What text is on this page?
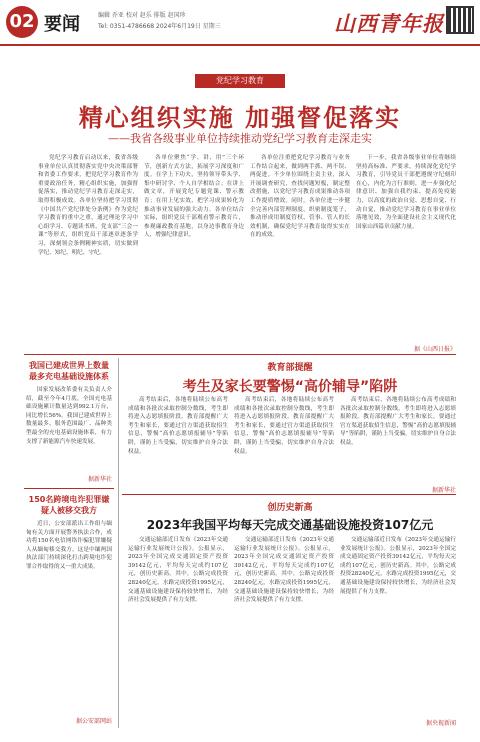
02 要闻	编辑 乔亚 校对 赵乐 排版 赵国珍
Tel: 0351-4786668 2024年6月19日 星期三	山西青年报
党纪学习教育
精心组织实施 加强督促落实
——我省各级事业单位持续推动党纪学习教育走深走实
党纪学习教育启动以来，我省各级事业单位认真贯彻落实党中央决策部署和省委工作要求，把党纪学习教育作为重要政治任务，精心组织实施，加强督促落实，推动党纪学习教育走深走实，取得积极成效。各单位坚持把学习贯彻《中国共产党纪律处分条例》作为党纪学习教育的重中之重，通过理论学习中心组学习、专题读书班、党支部“三会一课”等形式，组织党员干部逐章逐条学习，深刻领会条例精神实质，切实做到学纪、知纪、明纪、守纪。
各单位聚焦“学、讲、用”三个环节，创新方式方法，拓展学习深度和广度。在学上下功夫，坚持领导带头学、集中研讨学、个人自学相结合；在讲上做文章，开展党纪专题党课、警示教育；在用上见实效，把学习成果转化为推动事业发展的强大动力。各单位结合实际，组织党员干部观看警示教育片，参观廉政教育基地，以身边事教育身边人，增强纪律意识。
各单位注重把党纪学习教育与业务工作结合起来，做到两手抓、两不误、两促进。不少单位围绕主责主业，深入开展调查研究，查找问题短板，制定整改措施，以党纪学习教育成果推动各项工作提质增效。同时，各单位进一步健全完善内部管理制度，织密制度笼子，推动形成用制度管权、管事、管人的长效机制，确保党纪学习教育取得实实在在的成效。
下一步，我省各级事业单位将继续坚持高标准、严要求，持续深化党纪学习教育，引导党员干部把遵规守纪刻印在心，内化为言行准则，进一步强化纪律意识、加强自我约束、提高免疫能力，以高度的政治自觉、思想自觉、行动自觉，推动党纪学习教育在事业单位落地见效，为全面建设社会主义现代化国家山西篇章贡献力量。
据《山西日报》
我国已建成世界上数量最多充电基础设施体系
国家发展改革委有关负责人介绍，截至今年4月底，全国充电基础设施累计数量达到992.1万台，同比增长56%。我国已建成世界上数量最多、服务范围最广、品种类型最全的充电基础设施体系，有力支撑了新能源汽车快速发展。
据新华社
150名跨境电诈犯罪嫌疑人被移交我方
近日，公安部派出工作组与缅甸有关方面开展警务执法合作，成功将150名电信网络诈骗犯罪嫌疑人从缅甸移交我方。这是中缅两国执法部门持续深化打击跨境电诈犯罪合作取得的又一重大成果。
据公安部网站
教育部提醒
考生及家长要警惕“高价辅导”陷阱
高考结束后，各地将陆续公布高考成绩和各批次录取控制分数线，考生即将进入志愿填报阶段。教育部提醒广大考生和家长，要通过官方渠道获取招生信息，警惕“高价志愿填报辅导”等陷阱，谨防上当受骗，切实维护自身合法权益。
高考结束后，各地将陆续公布高考成绩和各批次录取控制分数线，考生即将进入志愿填报阶段。教育部提醒广大考生和家长，要通过官方渠道获取招生信息，警惕“高价志愿填报辅导”等陷阱，谨防上当受骗，切实维护自身合法权益。
高考结束后，各地将陆续公布高考成绩和各批次录取控制分数线，考生即将进入志愿填报阶段。教育部提醒广大考生和家长，要通过官方渠道获取招生信息，警惕“高价志愿填报辅导”等陷阱，谨防上当受骗，切实维护自身合法权益。
据新华社
创历史新高
2023年我国平均每天完成交通基础设施投资107亿元
交通运输部近日发布《2023年交通运输行业发展统计公报》。公报显示，2023年全国完成交通固定资产投资39142亿元，平均每天完成约107亿元，创历史新高。其中，公路完成投资28240亿元，水路完成投资1995亿元，交通基础设施建设保持较快增长，为经济社会发展提供了有力支撑。
交通运输部近日发布《2023年交通运输行业发展统计公报》。公报显示，2023年全国完成交通固定资产投资39142亿元，平均每天完成约107亿元，创历史新高。其中，公路完成投资28240亿元，水路完成投资1995亿元，交通基础设施建设保持较快增长，为经济社会发展提供了有力支撑。
交通运输部近日发布《2023年交通运输行业发展统计公报》。公报显示，2023年全国完成交通固定资产投资39142亿元，平均每天完成约107亿元，创历史新高。其中，公路完成投资28240亿元，水路完成投资1995亿元，交通基础设施建设保持较快增长，为经济社会发展提供了有力支撑。
据央视新闻
